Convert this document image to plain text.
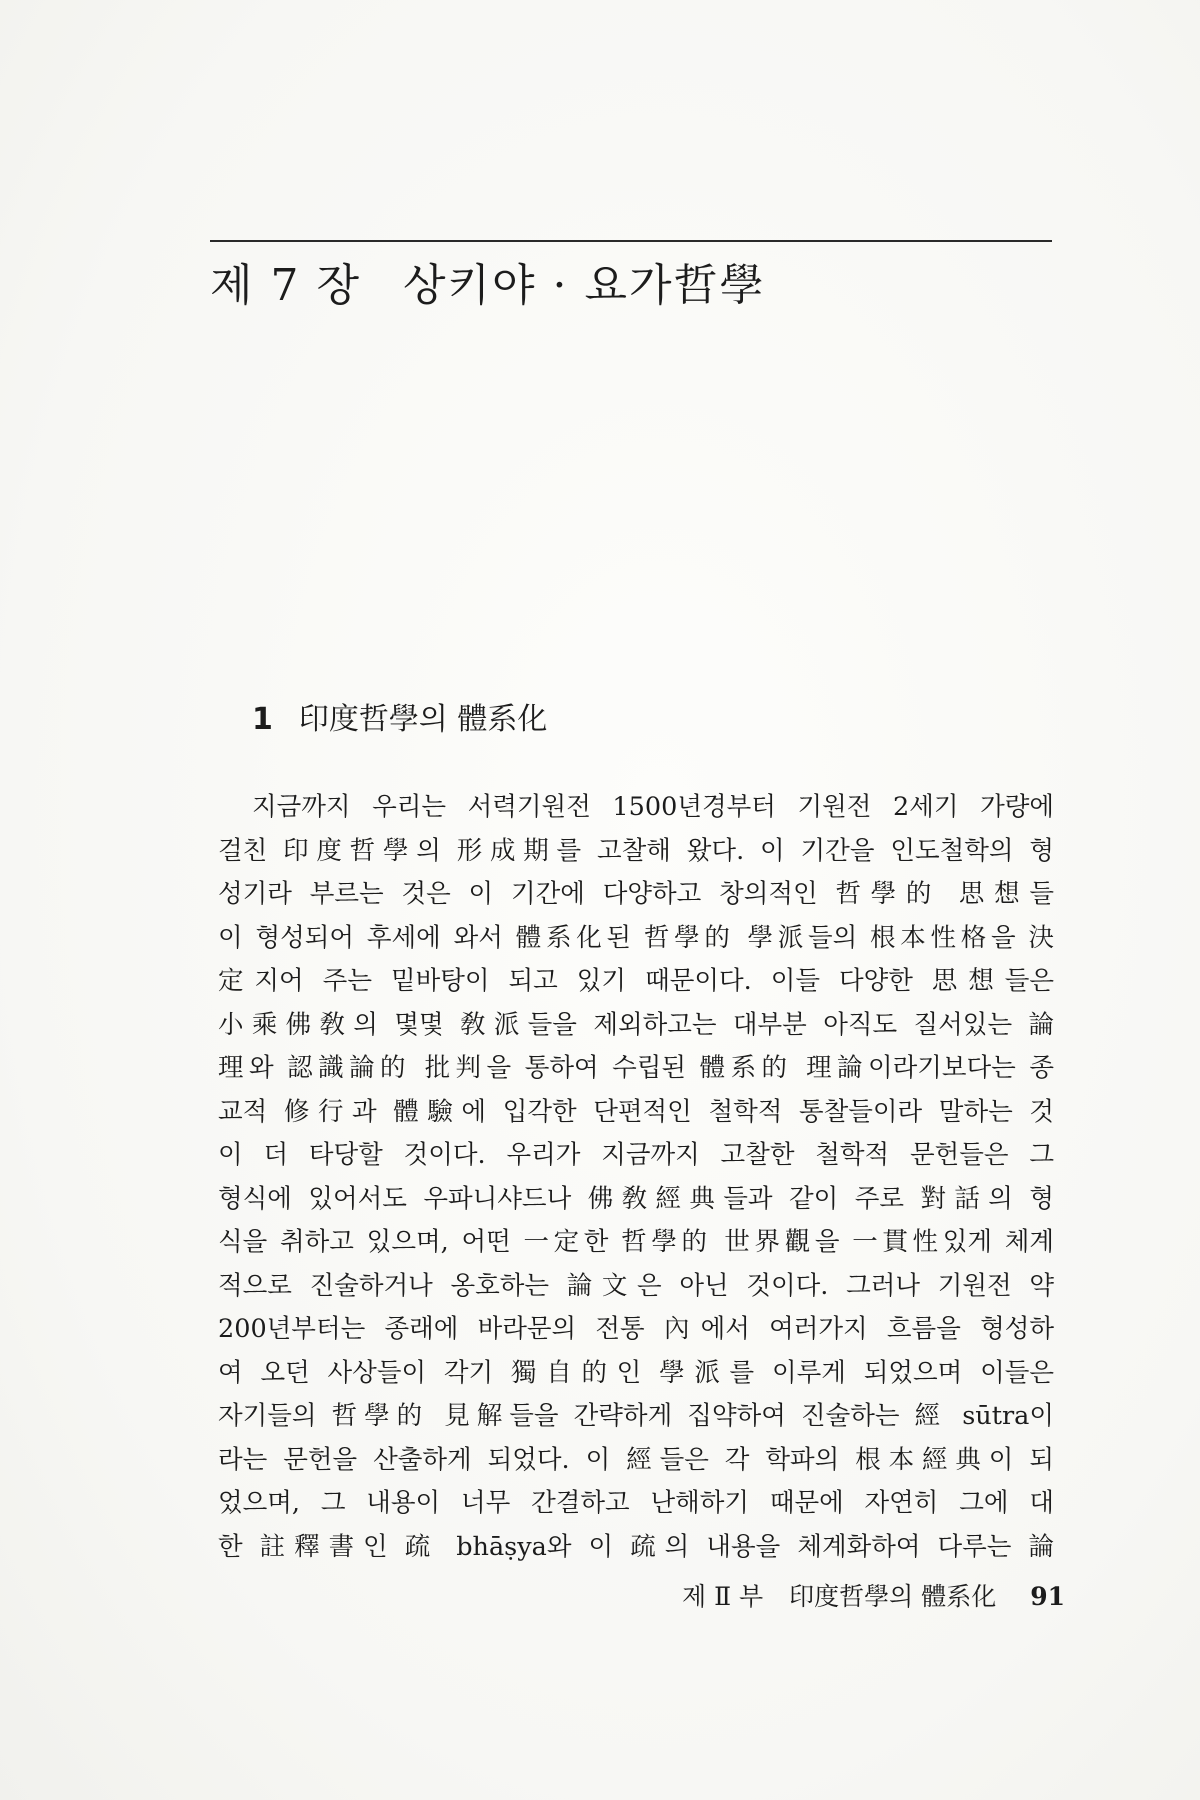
제 7 장 상키야 · 요가哲學
1 印度哲學의 體系化

지금까지 우리는 서력기원전 1500년경부터 기원전 2세기 가량에
걸친 印度哲學의 形成期를 고찰해 왔다. 이 기간을 인도철학의 형
성기라 부르는 것은 이 기간에 다양하고 창의적인 哲學的 思想들
이 형성되어 후세에 와서 體系化된 哲學的 學派들의 根本性格을 決
定지어 주는 밑바탕이 되고 있기 때문이다. 이들 다양한 思想들은
小乘佛敎의 몇몇 敎派들을 제외하고는 대부분 아직도 질서있는 論
理와 認識論的 批判을 통하여 수립된 體系的 理論이라기보다는 종
교적 修行과 體驗에 입각한 단편적인 철학적 통찰들이라 말하는 것
이 더 타당할 것이다. 우리가 지금까지 고찰한 철학적 문헌들은 그
형식에 있어서도 우파니샤드나 佛敎經典들과 같이 주로 對話의 형
식을 취하고 있으며, 어떤 一定한 哲學的 世界觀을 一貫性있게 체계
적으로 진술하거나 옹호하는 論文은 아닌 것이다. 그러나 기원전 약
200년부터는 종래에 바라문의 전통 內에서 여러가지 흐름을 형성하
여 오던 사상들이 각기 獨自的인 學派를 이루게 되었으며 이들은
자기들의 哲學的 見解들을 간략하게 집약하여 진술하는 經 sūtra이
라는 문헌을 산출하게 되었다. 이 經들은 각 학파의 根本經典이 되
었으며, 그 내용이 너무 간결하고 난해하기 때문에 자연히 그에 대
한 註釋書인 疏 bhāṣya와 이 疏의 내용을 체계화하여 다루는 論

제 Ⅱ 부 印度哲學의 體系化 91
